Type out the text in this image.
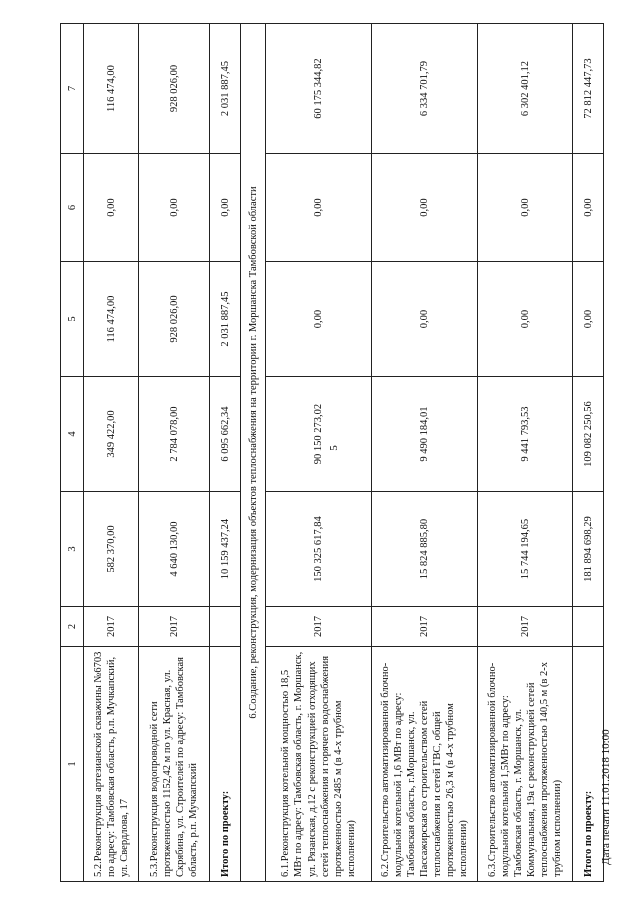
5
1	2	3	4	5	6	7
5.2.Реконструкция артезианской скважины №6703 по адресу: Тамбовская область, р.п. Мучкапский, ул. Свердлова, 17	2017	582 370,00	349 422,00	116 474,00	0,00	116 474,00
5.3.Реконструкция водопроводной сети протяженностью 1152,42 м по ул. Красная, ул. Скрябина, ул. Строителей по адресу: Тамбовская область, р.п. Мучкапский	2017	4 640 130,00	2 784 078,00	928 026,00	0,00	928 026,00
Итого по проекту:		10 159 437,24	6 095 662,34	2 031 887,45	0,00	2 031 887,45
6.Создание, реконструкция, модернизация объектов теплоснабжения на территории г. Моршанска Тамбовской области						
6.1.Реконструкция котельной мощностью 18,5 МВт по адресу: Тамбовская область, г. Моршанск, ул. Рязанская, д.12 с реконструкцией отходящих сетей теплоснабжения и горячего водоснабжения протяженностью 2485 м (в 4-х трубном исполнении)	2017	150 325 617,84	90 150 273,02	0,00	0,00	60 175 344,82
6.2.Строительство автоматизированной блочно-модульной котельной 1,6 МВт по адресу: Тамбовская область, г.Моршанск, ул. Пассажирская со строительством сетей теплоснабжения и сетей ГВС, общей протяженностью 26,3 м (в 4-х трубном исполнении)	2017	15 824 885,80	9 490 184,01	0,00	0,00	6 334 701,79
6.3.Строительство автоматизированной блочно-модульной котельной 1,5МВт по адресу: Тамбовская область, г. Моршанск, ул. Коммунальная, 19а с реконструкцией сетей теплоснабжения протяженностью 140,5 м (в 2-х трубном исполнении)	2017	15 744 194,65	9 441 793,53	0,00	0,00	6 302 401,12
Итого по проекту:		181 894 698,29	109 082 250,56	0,00	0,00	72 812 447,73
Дата печати 11.01.2018 10:00
